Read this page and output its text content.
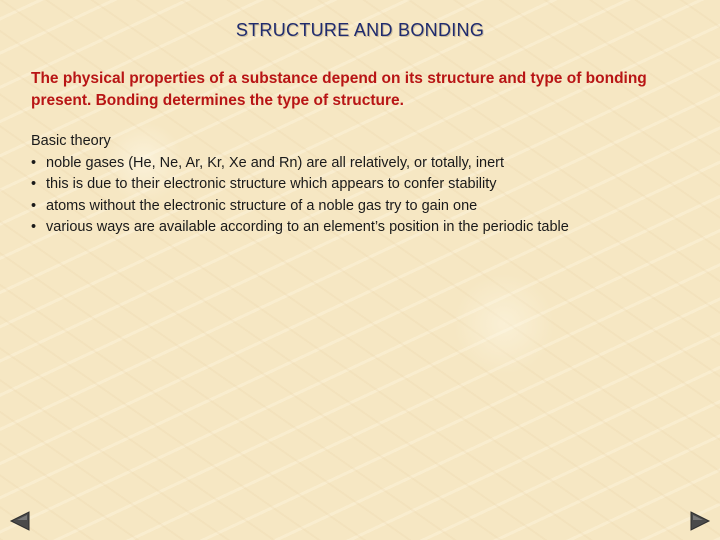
STRUCTURE AND BONDING
The physical properties of a substance depend on its structure and type of bonding present. Bonding determines the type of structure.
Basic theory
• noble gases (He, Ne, Ar, Kr, Xe and Rn) are all relatively, or totally, inert
• this is due to their electronic structure which appears to confer stability
• atoms without the electronic structure of a noble gas try to gain one
• various ways are available according to an element’s position in the periodic table
